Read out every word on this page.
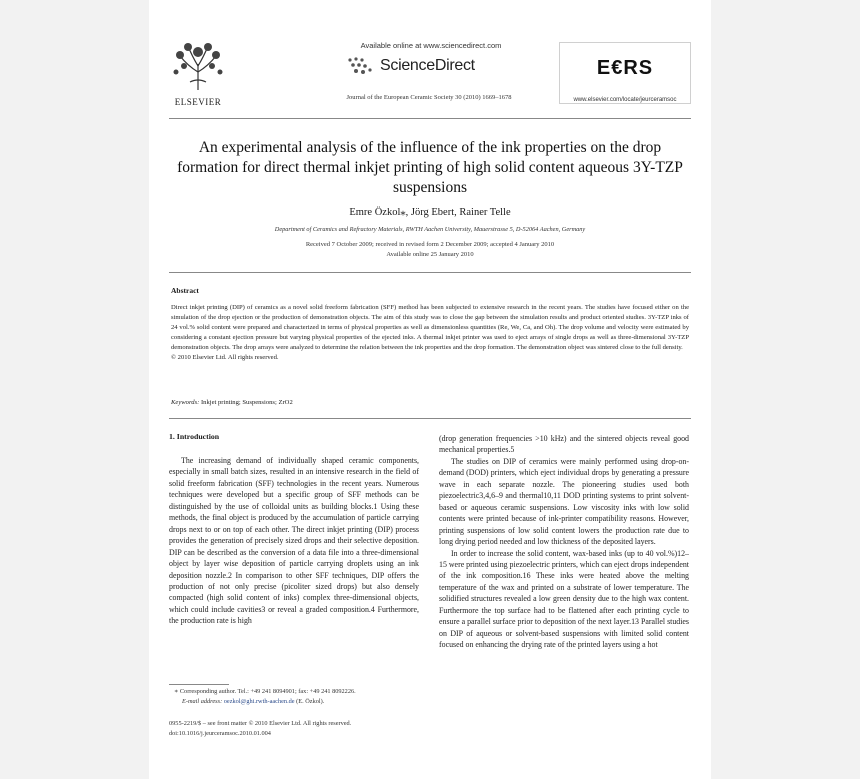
ELSEVIER
Available online at www.sciencedirect.com
ScienceDirect
Journal of the European Ceramic Society 30 (2010) 1669–1678
E€RS
www.elsevier.com/locate/jeurceramsoc
An experimental analysis of the influence of the ink properties on the drop formation for direct thermal inkjet printing of high solid content aqueous 3Y-TZP suspensions
Emre Özkol⁎, Jörg Ebert, Rainer Telle
Department of Ceramics and Refractory Materials, RWTH Aachen University, Mauerstrasse 5, D-52064 Aachen, Germany
Received 7 October 2009; received in revised form 2 December 2009; accepted 4 January 2010
Available online 25 January 2010
Abstract

Direct inkjet printing (DIP) of ceramics as a novel solid freeform fabrication (SFF) method has been subjected to extensive research in the recent years. The studies have focused either on the simulation of the drop ejection or the production of demonstration objects. The aim of this study was to close the gap between the simulation results and product oriented studies. 3Y-TZP inks of 24 vol.% solid content were prepared and characterized in terms of physical properties as well as dimensionless quantities (Re, We, Ca, and Oh). The drop volume and velocity were estimated by considering a constant ejection pressure but varying physical properties of the ejected inks. A thermal inkjet printer was used to eject arrays of single drops as well as three-dimensional 3Y-TZP demonstration objects. The drop arrays were analyzed to determine the relation between the ink properties and the drop formation. The demonstration object was sintered close to the full density.

© 2010 Elsevier Ltd. All rights reserved.

Keywords: Inkjet printing; Suspensions; ZrO2
1. Introduction

The increasing demand of individually shaped ceramic components, especially in small batch sizes, resulted in an intensive research in the field of solid freeform fabrication (SFF) technologies in the recent years. Numerous techniques were developed but a specific group of SFF methods can be distinguished by the use of colloidal units as building blocks.1 Using these methods, the final object is produced by the accumulation of particle carrying drops next to or on top of each other. The direct inkjet printing (DIP) process provides the generation of precisely sized drops and their selective deposition. DIP can be described as the conversion of a data file into a three-dimensional object by layer wise deposition of particle carrying droplets using an ink deposition nozzle.2 In comparison to other SFF techniques, DIP offers the production of not only precise (picoliter sized drops) but also densely compacted (high solid content of inks) complex three-dimensional objects, which could include cavities3 or reveal a graded composition.4 Furthermore, the production rate is high

(drop generation frequencies >10 kHz) and the sintered objects reveal good mechanical properties.5

The studies on DIP of ceramics were mainly performed using drop-on-demand (DOD) printers, which eject individual drops by generating a pressure wave in each separate nozzle. The pioneering studies used both piezoelectric3,4,6–9 and thermal10,11 DOD printing systems to print solvent-based or aqueous ceramic suspensions. Low viscosity inks with low solid contents were printed because of ink-printer compatibility reasons. However, printing suspensions of low solid content lowers the production rate due to long drying period needed and low thickness of the deposited layers.

In order to increase the solid content, wax-based inks (up to 40 vol.%)12–15 were printed using piezoelectric printers, which can eject drops independent of the ink composition.16 These inks were heated above the melting temperature of the wax and printed on a substrate of lower temperature. The solidified structures revealed a low green density due to the high wax content. Furthermore the top surface had to be flattened after each printing cycle to ensure a parallel surface prior to deposition of the next layer.13 Parallel studies on DIP of aqueous or solvent-based suspensions with limited solid content focused on enhancing the drying rate of the printed layers using a hot

∗ Corresponding author. Tel.: +49 241 8094901; fax: +49 241 8092226.
E-mail address: oezkol@ghi.rwth-aachen.de (E. Özkol).
0955-2219/$ – see front matter © 2010 Elsevier Ltd. All rights reserved.
doi:10.1016/j.jeurceramsoc.2010.01.004
